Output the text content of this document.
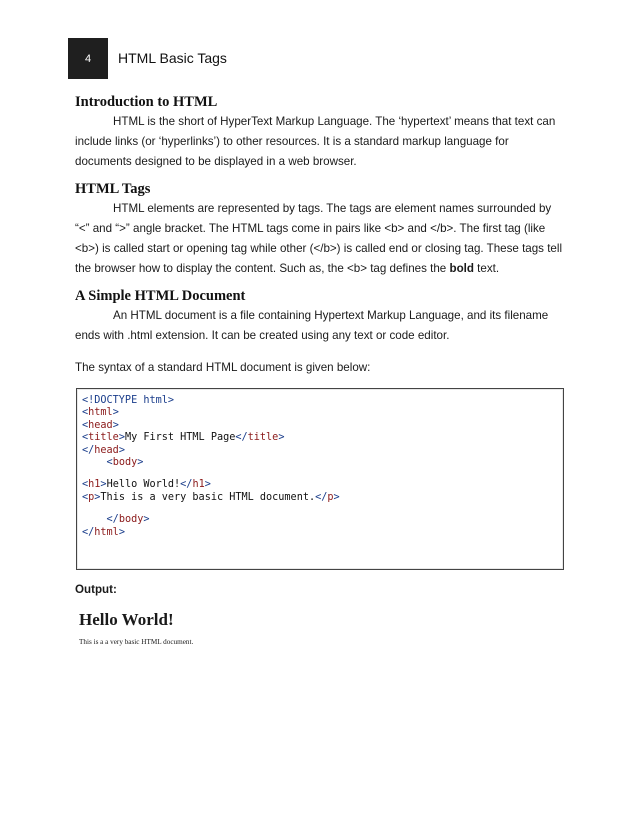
4 HTML Basic Tags
Introduction to HTML

HTML is the short of HyperText Markup Language. The ‘hypertext’ means that text can include links (or ‘hyperlinks’) to other resources. It is a standard markup language for documents designed to be displayed in a web browser.

HTML Tags

HTML elements are represented by tags. The tags are element names surrounded by “<” and “>” angle bracket. The HTML tags come in pairs like <b> and </b>. The first tag (like <b>) is called start or opening tag while other (</b>) is called end or closing tag. These tags tell the browser how to display the content. Such as, the <b> tag defines the bold text.

A Simple HTML Document

An HTML document is a file containing Hypertext Markup Language, and its filename ends with .html extension. It can be created using any text or code editor.

The syntax of a standard HTML document is given below:

<!DOCTYPE html>
<html>
<head>
<title>My First HTML Page</title>
</head>
<body>
<h1>Hello World!</h1>
<p>This is a very basic HTML document.</p>
</body>
</html>

Output:

Hello World!
This is a a very basic HTML document.
